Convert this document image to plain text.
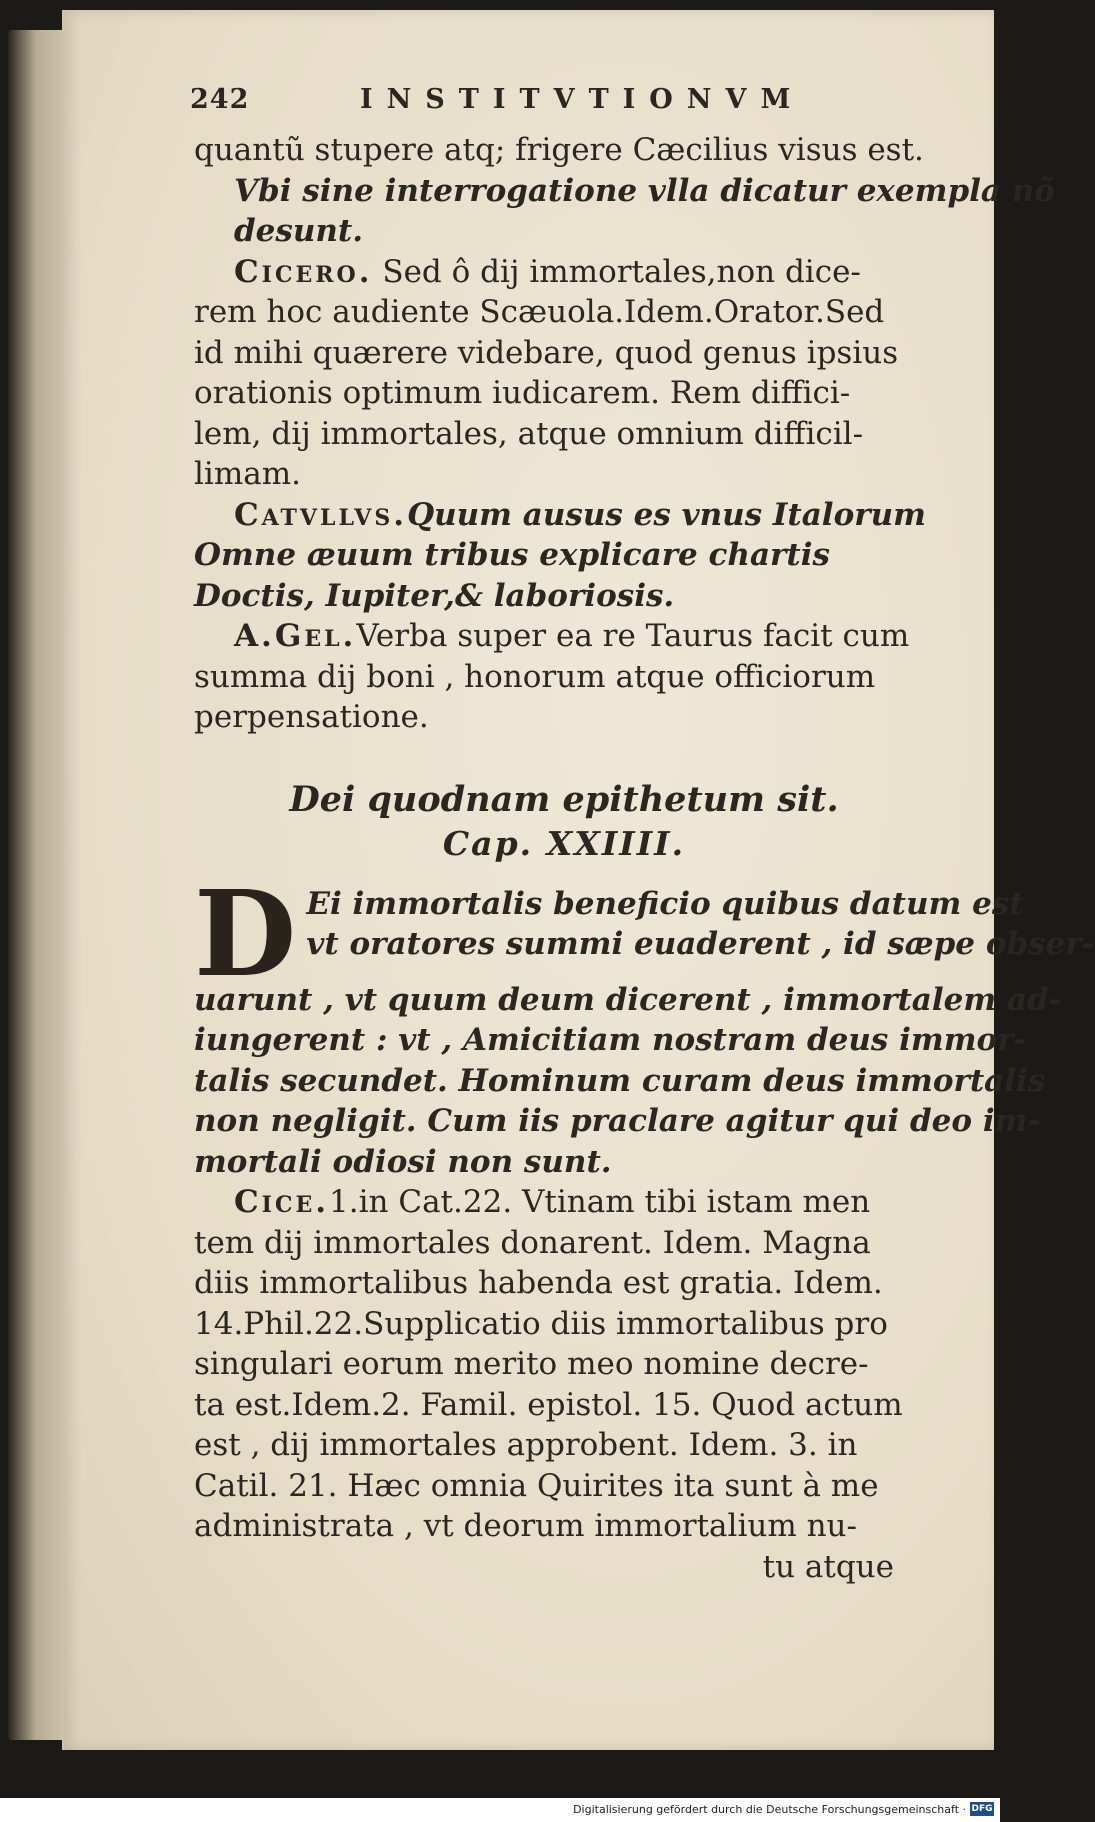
242	INSTITVTIONVM
quantũ stupere atq; frigere Cæcilius visus est.
Vbi sine interrogatione vlla dicatur exempla nõ
desunt.
Cicero. Sed ô dij immortales,non dice-
rem hoc audiente Scæuola.Idem.Orator.Sed
id mihi quærere videbare, quod genus ipsius
orationis optimum iudicarem. Rem diffici-
lem, dij immortales, atque omnium difficil-
limam.
Catvllvs.Quum ausus es vnus Italorum
Omne æuum tribus explicare chartis
Doctis, Iupiter,& laboriosis.
A.Gel.Verba super ea re Taurus facit cum
summa dij boni , honorum atque officiorum
perpensatione.
Dei quodnam epithetum sit.
Cap. XXIIII.
D Ei immortalis beneficio quibus datum est
vt oratores summi euaderent , id sæpe obser-
uarunt , vt quum deum dicerent , immortalem ad-
iungerent : vt , Amicitiam nostram deus immor-
talis secundet. Hominum curam deus immortalis
non negligit. Cum iis praclare agitur qui deo im-
mortali odiosi non sunt.
Cice.1.in Cat.22. Vtinam tibi istam men
tem dij immortales donarent. Idem. Magna
diis immortalibus habenda est gratia. Idem.
14.Phil.22.Supplicatio diis immortalibus pro
singulari eorum merito meo nomine decre-
ta est.Idem.2. Famil. epistol. 15. Quod actum
est , dij immortales approbent. Idem. 3. in
Catil. 21. Hæc omnia Quirites ita sunt à me
administrata , vt deorum immortalium nu-
tu atque
Digitalisierung gefördert durch die Deutsche Forschungsgemeinschaft · DFG
